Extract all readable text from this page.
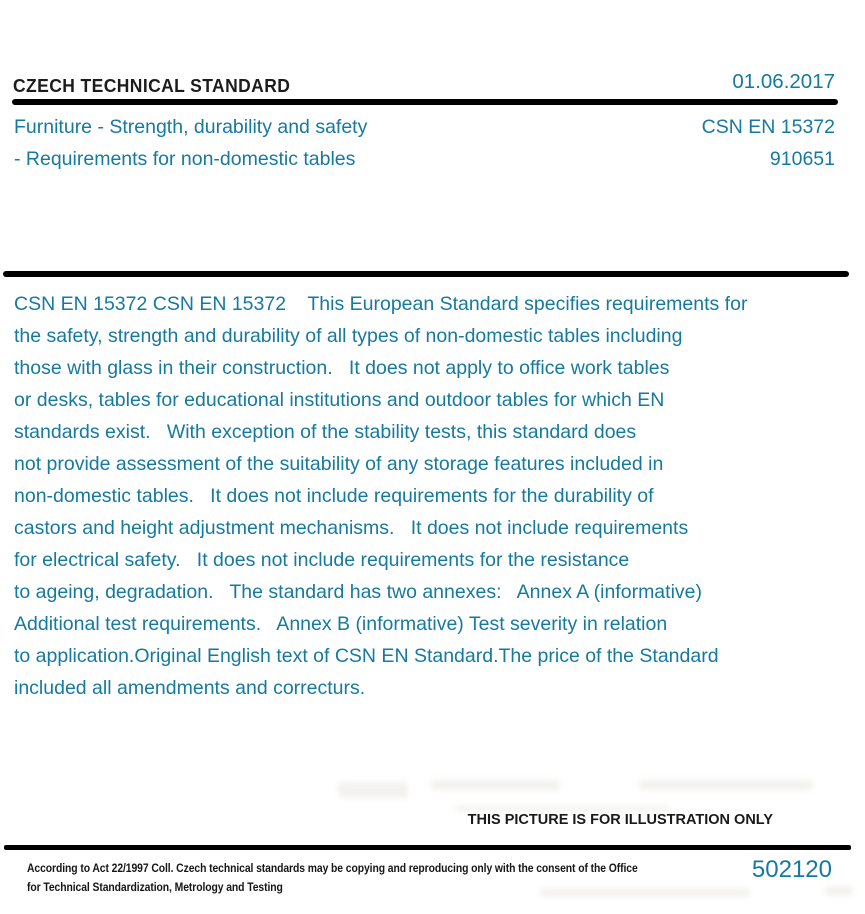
CZECH TECHNICAL STANDARD	01.06.2017
Furniture - Strength, durability and safety
- Requirements for non-domestic tables
CSN EN 15372
910651
CSN EN 15372 CSN EN 15372    This European Standard specifies requirements for
the safety, strength and durability of all types of non-domestic tables including
those with glass in their construction.   It does not apply to office work tables
or desks, tables for educational institutions and outdoor tables for which EN
standards exist.   With exception of the stability tests, this standard does
not provide assessment of the suitability of any storage features included in
non-domestic tables.   It does not include requirements for the durability of
castors and height adjustment mechanisms.   It does not include requirements
for electrical safety.   It does not include requirements for the resistance
to ageing, degradation.   The standard has two annexes:   Annex A (informative)
Additional test requirements.   Annex B (informative) Test severity in relation
to application.Original English text of CSN EN Standard.The price of the Standard
included all amendments and correcturs.
THIS PICTURE IS FOR ILLUSTRATION ONLY
According to Act 22/1997 Coll. Czech technical standards may be copying and reproducing only with the consent of the Office
for Technical Standardization, Metrology and Testing
502120
